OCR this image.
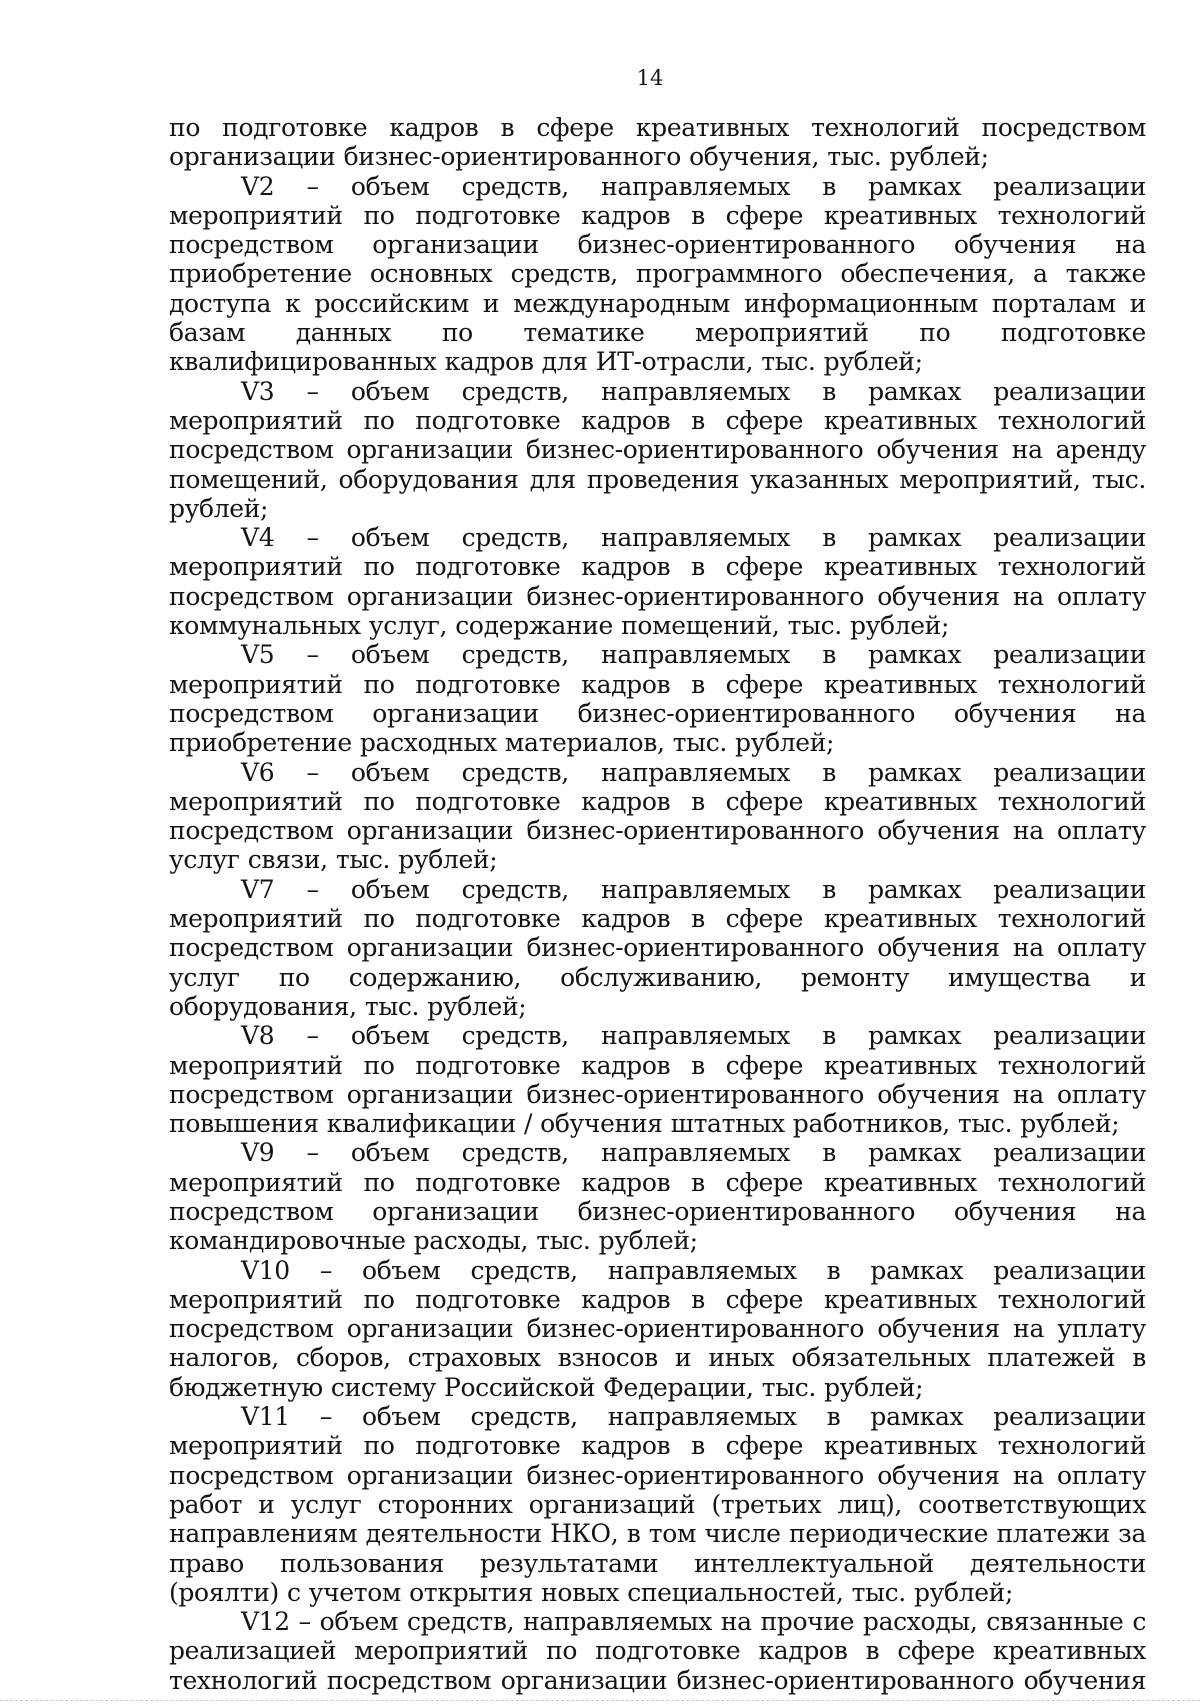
14

по подготовке кадров в сфере креативных технологий посредством организации бизнес-ориентированного обучения, тыс. рублей;

V2 – объем средств, направляемых в рамках реализации мероприятий по подготовке кадров в сфере креативных технологий посредством организации бизнес-ориентированного обучения на приобретение основных средств, программного обеспечения, а также доступа к российским и международным информационным порталам и базам данных по тематике мероприятий по подготовке квалифицированных кадров для ИТ-отрасли, тыс. рублей;

V3 – объем средств, направляемых в рамках реализации мероприятий по подготовке кадров в сфере креативных технологий посредством организации бизнес-ориентированного обучения на аренду помещений, оборудования для проведения указанных мероприятий, тыс. рублей;

V4 – объем средств, направляемых в рамках реализации мероприятий по подготовке кадров в сфере креативных технологий посредством организации бизнес-ориентированного обучения на оплату коммунальных услуг, содержание помещений, тыс. рублей;

V5 – объем средств, направляемых в рамках реализации мероприятий по подготовке кадров в сфере креативных технологий посредством организации бизнес-ориентированного обучения на приобретение расходных материалов, тыс. рублей;

V6 – объем средств, направляемых в рамках реализации мероприятий по подготовке кадров в сфере креативных технологий посредством организации бизнес-ориентированного обучения на оплату услуг связи, тыс. рублей;

V7 – объем средств, направляемых в рамках реализации мероприятий по подготовке кадров в сфере креативных технологий посредством организации бизнес-ориентированного обучения на оплату услуг по содержанию, обслуживанию, ремонту имущества и оборудования, тыс. рублей;

V8 – объем средств, направляемых в рамках реализации мероприятий по подготовке кадров в сфере креативных технологий посредством организации бизнес-ориентированного обучения на оплату повышения квалификации / обучения штатных работников, тыс. рублей;

V9 – объем средств, направляемых в рамках реализации мероприятий по подготовке кадров в сфере креативных технологий посредством организации бизнес-ориентированного обучения на командировочные расходы, тыс. рублей;

V10 – объем средств, направляемых в рамках реализации мероприятий по подготовке кадров в сфере креативных технологий посредством организации бизнес-ориентированного обучения на уплату налогов, сборов, страховых взносов и иных обязательных платежей в бюджетную систему Российской Федерации, тыс. рублей;

V11 – объем средств, направляемых в рамках реализации мероприятий по подготовке кадров в сфере креативных технологий посредством организации бизнес-ориентированного обучения на оплату работ и услуг сторонних организаций (третьих лиц), соответствующих направлениям деятельности НКО, в том числе периодические платежи за право пользования результатами интеллектуальной деятельности (роялти) с учетом открытия новых специальностей, тыс. рублей;

V12 – объем средств, направляемых на прочие расходы, связанные с реализацией мероприятий по подготовке кадров в сфере креативных технологий посредством организации бизнес-ориентированного обучения
